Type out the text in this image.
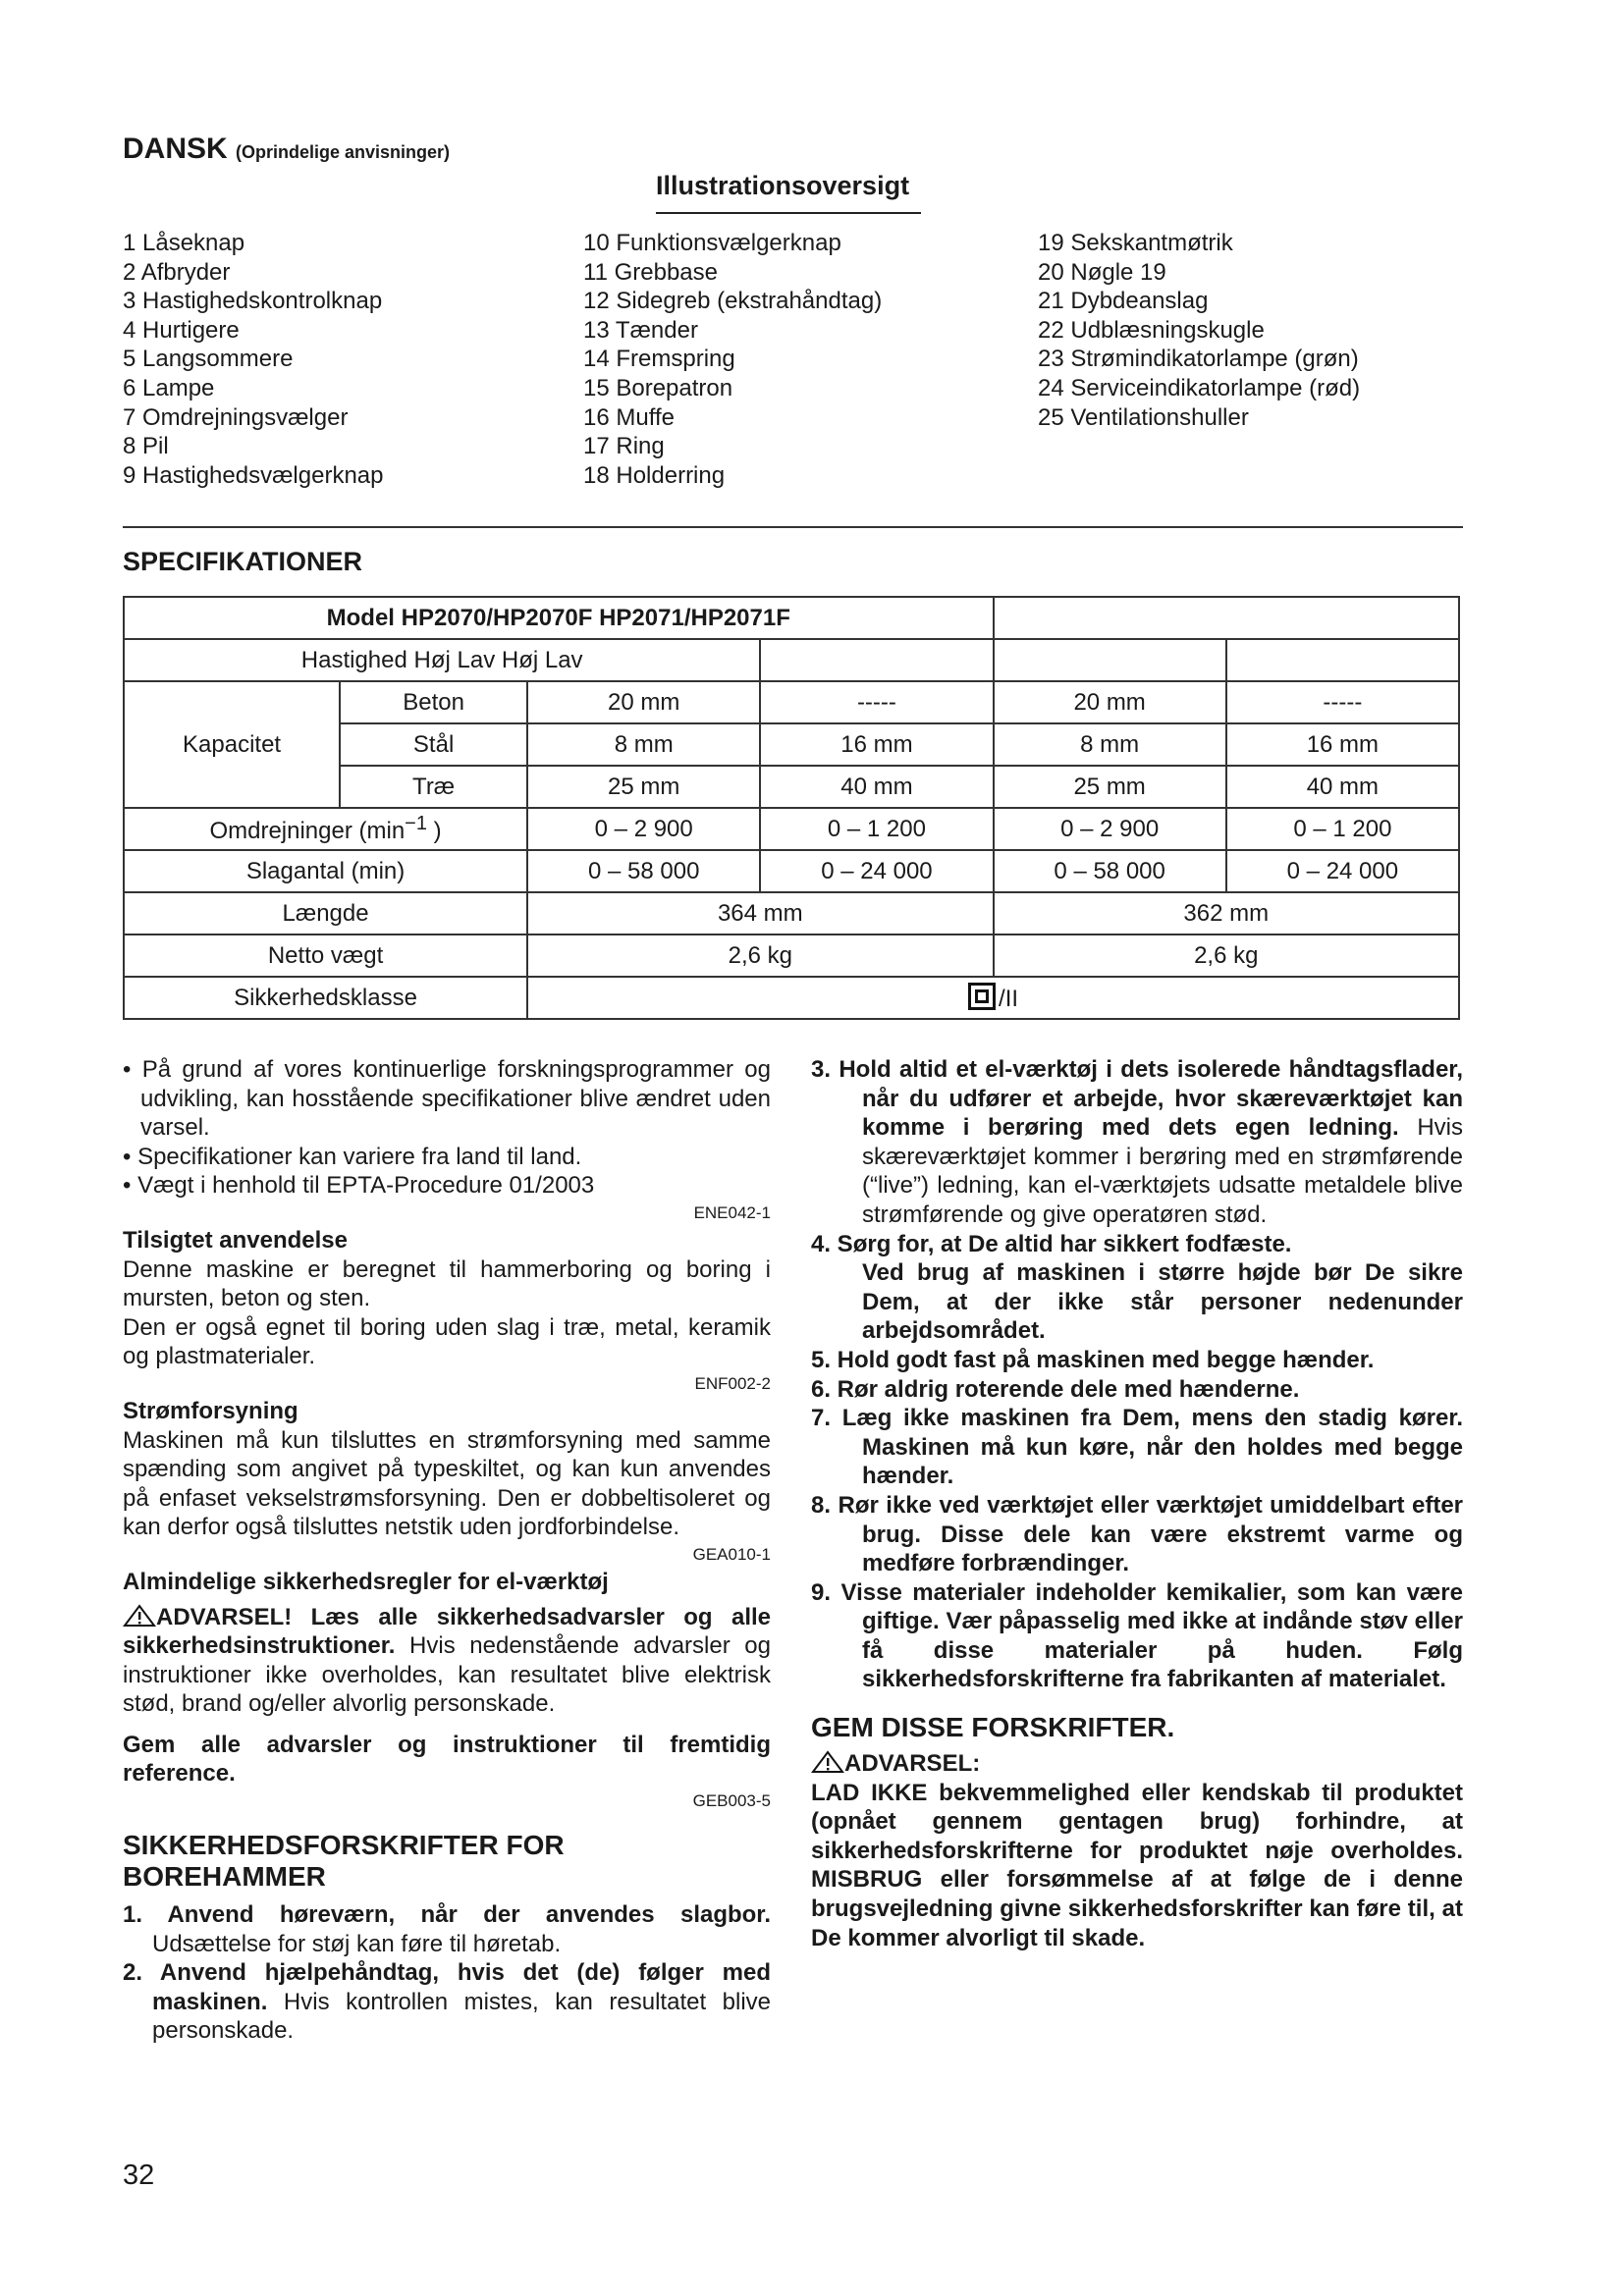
DANSK (Oprindelige anvisninger)
Illustrationsoversigt
1 Låseknap
2 Afbryder
3 Hastighedskontrolknap
4 Hurtigere
5 Langsommere
6 Lampe
7 Omdrejningsvælger
8 Pil
9 Hastighedsvælgerknap
10 Funktionsvælgerknap
11 Grebbase
12 Sidegreb (ekstrahåndtag)
13 Tænder
14 Fremspring
15 Borepatron
16 Muffe
17 Ring
18 Holderring
19 Sekskantmøtrik
20 Nøgle 19
21 Dybdeanslag
22 Udblæsningskugle
23 Strømindikatorlampe (grøn)
24 Serviceindikatorlampe (rød)
25 Ventilationshuller
SPECIFIKATIONER
Model HP2070/HP2070F HP2071/HP2071F					
Hastighed Høj Lav Høj Lav					
Kapacitet	Beton	20 mm	-----	20 mm	-----
	Stål	8 mm	16 mm	8 mm	16 mm
	Træ	25 mm	40 mm	25 mm	40 mm
Omdrejninger ($\min^{-1}$ )		0 – 2 900	0 – 1 200	0 – 2 900	0 – 1 200
Slagantal (min)		0 – 58 000	0 – 24 000	0 – 58 000	0 – 24 000
Længde		364 mm		362 mm	
Netto vægt		2,6 kg		2,6 kg	
Sikkerhedsklasse		/II			
• På grund af vores kontinuerlige forskningsprogrammer og udvikling, kan hosstående specifikationer blive ændret uden varsel.
• Specifikationer kan variere fra land til land.
• Vægt i henhold til EPTA-Procedure 01/2003
ENE042-1
Tilsigtet anvendelse
Denne maskine er beregnet til hammerboring og boring i mursten, beton og sten.
Den er også egnet til boring uden slag i træ, metal, keramik og plastmaterialer.
ENF002-2
Strømforsyning
Maskinen må kun tilsluttes en strømforsyning med samme spænding som angivet på typeskiltet, og kan kun anvendes på enfaset vekselstrømsforsyning. Den er dobbeltisoleret og kan derfor også tilsluttes netstik uden jordforbindelse.
GEA010-1
Almindelige sikkerhedsregler for el-værktøj
ADVARSEL! Læs alle sikkerhedsadvarsler og alle sikkerhedsinstruktioner. Hvis nedenstående advarsler og instruktioner ikke overholdes, kan resultatet blive elektrisk stød, brand og/eller alvorlig personskade.
Gem alle advarsler og instruktioner til fremtidig reference.
GEB003-5
SIKKERHEDSFORSKRIFTER FOR BOREHAMMER
1. Anvend høreværn, når der anvendes slagbor. Udsættelse for støj kan føre til høretab.
2. Anvend hjælpehåndtag, hvis det (de) følger med maskinen. Hvis kontrollen mistes, kan resultatet blive personskade.
3. Hold altid et el-værktøj i dets isolerede håndtagsflader, når du udfører et arbejde, hvor skæreværktøjet kan komme i berøring med dets egen ledning. Hvis skæreværktøjet kommer i berøring med en strømførende (“live”) ledning, kan el-værktøjets udsatte metaldele blive strømførende og give operatøren stød.
4. Sørg for, at De altid har sikkert fodfæste.
Ved brug af maskinen i større højde bør De sikre Dem, at der ikke står personer nedenunder arbejdsområdet.
5. Hold godt fast på maskinen med begge hænder.
6. Rør aldrig roterende dele med hænderne.
7. Læg ikke maskinen fra Dem, mens den stadig kører. Maskinen må kun køre, når den holdes med begge hænder.
8. Rør ikke ved værktøjet eller værktøjet umiddelbart efter brug. Disse dele kan være ekstremt varme og medføre forbrændinger.
9. Visse materialer indeholder kemikalier, som kan være giftige. Vær påpasselig med ikke at indånde støv eller få disse materialer på huden. Følg sikkerhedsforskrifterne fra fabrikanten af materialet.
GEM DISSE FORSKRIFTER.
ADVARSEL:
LAD IKKE bekvemmelighed eller kendskab til produktet (opnået gennem gentagen brug) forhindre, at sikkerhedsforskrifterne for produktet nøje overholdes. MISBRUG eller forsømmelse af at følge de i denne brugsvejledning givne sikkerhedsforskrifter kan føre til, at De kommer alvorligt til skade.
32
